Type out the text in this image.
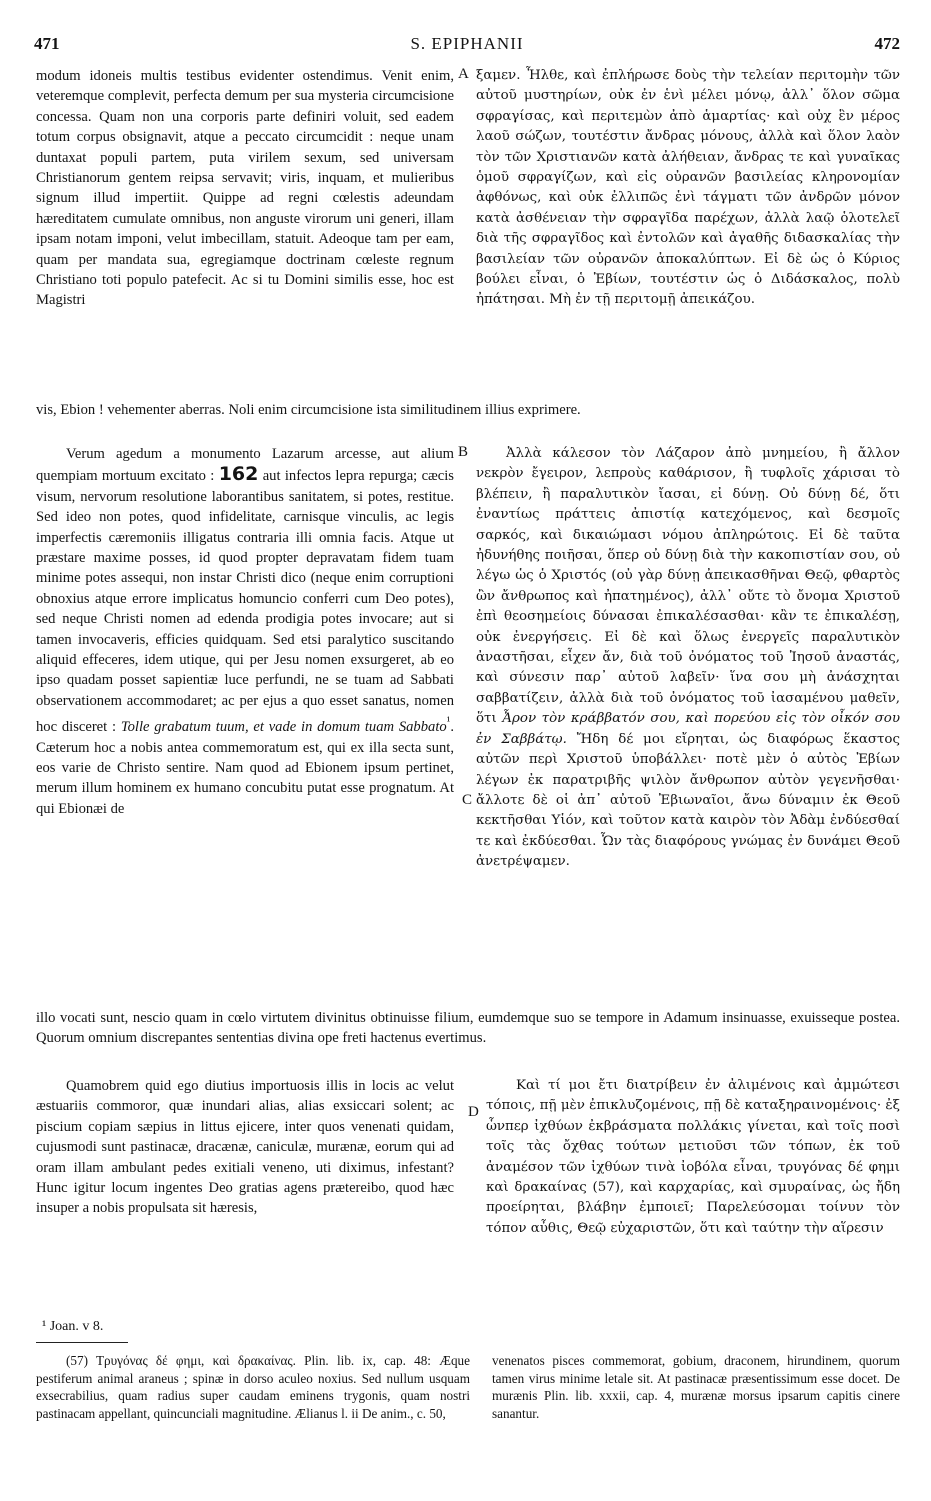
471	S. EPIPHANII	472

modum idoneis multis testibus evidenter ostendimus. Venit enim, veteremque complevit, perfecta demum per sua mysteria circumcisione concessa. Quam non una corporis parte definiri voluit, sed eadem totum corpus obsignavit, atque a peccato circumcidit : neque unam duntaxat populi partem, puta virilem sexum, sed universam Christianorum gentem reipsa servavit; viris, inquam, et mulieribus signum illud impertiit. Quippe ad regni cœlestis adeundam hæreditatem cumulate omnibus, non anguste virorum uni generi, illam ipsam notam imponi, velut imbecillam, statuit. Adeoque tam per eam, quam per mandata sua, egregiamque doctrinam cœleste regnum Christiano toti populo patefecit. Ac si tu Domini similis esse, hoc est Magistri

A ξαμεν. Ἦλθε, καὶ ἐπλήρωσε δοὺς τὴν τελείαν περιτομὴν τῶν αὐτοῦ μυστηρίων, οὐκ ἐν ἑνὶ μέλει μόνῳ, ἀλλ᾽ ὅλον σῶμα σφραγίσας, καὶ περιτεμὼν ἀπὸ ἁμαρτίας· καὶ οὐχ ἓν μέρος λαοῦ σώζων, τουτέστιν ἄνδρας μόνους, ἀλλὰ καὶ ὅλον λαὸν τὸν τῶν Χριστιανῶν κατὰ ἀλήθειαν, ἄνδρας τε καὶ γυναῖκας ὁμοῦ σφραγίζων, καὶ εἰς οὐρανῶν βασιλείας κληρονομίαν ἀφθόνως, καὶ οὐκ ἐλλιπῶς ἑνὶ τάγματι τῶν ἀνδρῶν μόνον κατὰ ἀσθένειαν τὴν σφραγῖδα παρέχων, ἀλλὰ λαῷ ὁλοτελεῖ διὰ τῆς σφραγῖδος καὶ ἐντολῶν καὶ ἀγαθῆς διδασκαλίας τὴν βασιλείαν τῶν οὐρανῶν ἀποκαλύπτων. Εἰ δὲ ὡς ὁ Κύριος βούλει εἶναι, ὁ Ἐβίων, τουτέστιν ὡς ὁ Διδάσκαλος, πολὺ ἠπάτησαι. Μὴ ἐν τῇ περιτομῇ ἀπεικάζου.

vis, Ebion ! vehementer aberras. Noli enim circumcisione ista similitudinem illius exprimere.

Verum agedum a monumento Lazarum arcesse, aut alium quempiam mortuum excitato : 162 aut infectos lepra repurga; cæcis visum, nervorum resolutione laborantibus sanitatem, si potes, restitue. Sed ideo non potes, quod infidelitate, carnisque vinculis, ac legis imperfectis cæremoniis illigatus contraria illi omnia facis. Atque ut præstare maxime posses, id quod propter depravatam fidem tuam minime potes assequi, non instar Christi dico (neque enim corruptioni obnoxius atque errore implicatus homuncio conferri cum Deo potes), sed neque Christi nomen ad edenda prodigia potes invocare; aut si tamen invocaveris, efficies quidquam. Sed etsi paralytico suscitando aliquid effeceres, idem utique, qui per Jesu nomen exsurgeret, ab eo ipso quadam posset sapientiæ luce perfundi, ne se tuam ad Sabbati observationem accommodaret; ac per ejus a quo esset sanatus, nomen hoc disceret : Tolle grabatum tuum, et vade in domum tuam Sabbato$^{^1}$. Cæterum hoc a nobis antea commemoratum est, qui ex illa secta sunt, eos varie de Christo sentire. Nam quod ad Ebionem ipsum pertinet, merum illum hominem ex humano concubitu putat esse prognatum. At qui Ebionæi de

B
C

Ἀλλὰ κάλεσον τὸν Λάζαρον ἀπὸ μνημείου, ἢ ἄλλον νεκρὸν ἔγειρον, λεπροὺς καθάρισον, ἢ τυφλοῖς χάρισαι τὸ βλέπειν, ἢ παραλυτικὸν ἴασαι, εἰ δύνῃ. Οὐ δύνῃ δέ, ὅτι ἐναντίως πράττεις ἀπιστίᾳ κατεχόμενος, καὶ δεσμοῖς σαρκός, καὶ δικαιώμασι νόμου ἀπληρώτοις. Εἰ δὲ ταῦτα ἠδυνήθης ποιῆσαι, ὅπερ οὐ δύνῃ διὰ τὴν κακοπιστίαν σου, οὐ λέγω ὡς ὁ Χριστός (οὐ γὰρ δύνῃ ἀπεικασθῆναι Θεῷ, φθαρτὸς ὢν ἄνθρωπος καὶ ἠπατημένος), ἀλλ᾽ οὔτε τὸ ὄνομα Χριστοῦ ἐπὶ θεοσημείοις δύνασαι ἐπικαλέσασθαι· κἂν τε ἐπικαλέσῃ, οὐκ ἐνεργήσεις. Εἰ δὲ καὶ ὅλως ἐνεργεῖς παραλυτικὸν ἀναστῆσαι, εἶχεν ἄν, διὰ τοῦ ὀνόματος τοῦ Ἰησοῦ ἀναστάς, καὶ σύνεσιν παρ᾽ αὐτοῦ λαβεῖν· ἵνα σου μὴ ἀνάσχηται σαββατίζειν, ἀλλὰ διὰ τοῦ ὀνόματος τοῦ ἰασαμένου μαθεῖν, ὅτι Ἆρον τὸν κράββατόν σου, καὶ πορεύου εἰς τὸν οἶκόν σου ἐν Σαββάτῳ. Ἤδη δέ μοι εἴρηται, ὡς διαφόρως ἕκαστος αὐτῶν περὶ Χριστοῦ ὑποβάλλει· ποτὲ μὲν ὁ αὐτὸς Ἐβίων λέγων ἐκ παρατριβῆς ψιλὸν ἄνθρωπον αὐτὸν γεγενῆσθαι· ἄλλοτε δὲ οἱ ἀπ᾽ αὐτοῦ Ἐβιωναῖοι, ἄνω δύναμιν ἐκ Θεοῦ κεκτῆσθαι Υἱόν, καὶ τοῦτον κατὰ καιρὸν τὸν Ἀδὰμ ἐνδύεσθαί τε καὶ ἐκδύεσθαι. Ὧν τὰς διαφόρους γνώμας ἐν δυνάμει Θεοῦ ἀνετρέψαμεν.

illo vocati sunt, nescio quam in cœlo virtutem divinitus obtinuisse filium, eumdemque suo se tempore in Adamum insinuasse, exuisseque postea. Quorum omnium discrepantes sententias divina ope freti hactenus evertimus.

Quamobrem quid ego diutius importuosis illis in locis ac velut æstuariis commoror, quæ inundari alias, alias exsiccari solent; ac piscium copiam sæpius in littus ejicere, inter quos venenati quidam, cujusmodi sunt pastinacæ, dracænæ, caniculæ, murænæ, eorum qui ad oram illam ambulant pedes exitiali veneno, uti diximus, infestant? Hunc igitur locum ingentes Deo gratias agens prætereibo, quod hæc insuper a nobis propulsata sit hæresis,

D

Καὶ τί μοι ἔτι διατρίβειν ἐν ἀλιμένοις καὶ ἀμμώτεσι τόποις, πῇ μὲν ἐπικλυζομένοις, πῇ δὲ καταξηραινομένοις· ἐξ ὧνπερ ἰχθύων ἐκβράσματα πολλάκις γίνεται, καὶ τοῖς ποσὶ τοῖς τὰς ὄχθας τούτων μετιοῦσι τῶν τόπων, ἐκ τοῦ ἀναμέσον τῶν ἰχθύων τινὰ ἰοβόλα εἶναι, τρυγόνας δέ φημι καὶ δρακαίνας (57), καὶ καρχαρίας, καὶ σμυραίνας, ὡς ἤδη προείρηται, βλάβην ἐμποιεῖ; Παρελεύσομαι τοίνυν τὸν τόπον αὖθις, Θεῷ εὐχαριστῶν, ὅτι καὶ ταύτην τὴν αἵρεσιν

¹ Joan. v 8.

(57) Τρυγόνας δέ φημι, καὶ δρακαίνας. Plin. lib. ix, cap. 48: Æque pestiferum animal araneus ; spinæ in dorso aculeo noxius. Sed nullum usquam exsecrabilius, quam radius super caudam eminens trygonis, quam nostri pastinacam appellant, quincunciali magnitudine. Ælianus l. ii De anim., c. 50,

venenatos pisces commemorat, gobium, draconem, hirundinem, quorum tamen virus minime letale sit. At pastinacæ præsentissimum esse docet. De murænis Plin. lib. xxxii, cap. 4, murænæ morsus ipsarum capitis cinere sanantur.
